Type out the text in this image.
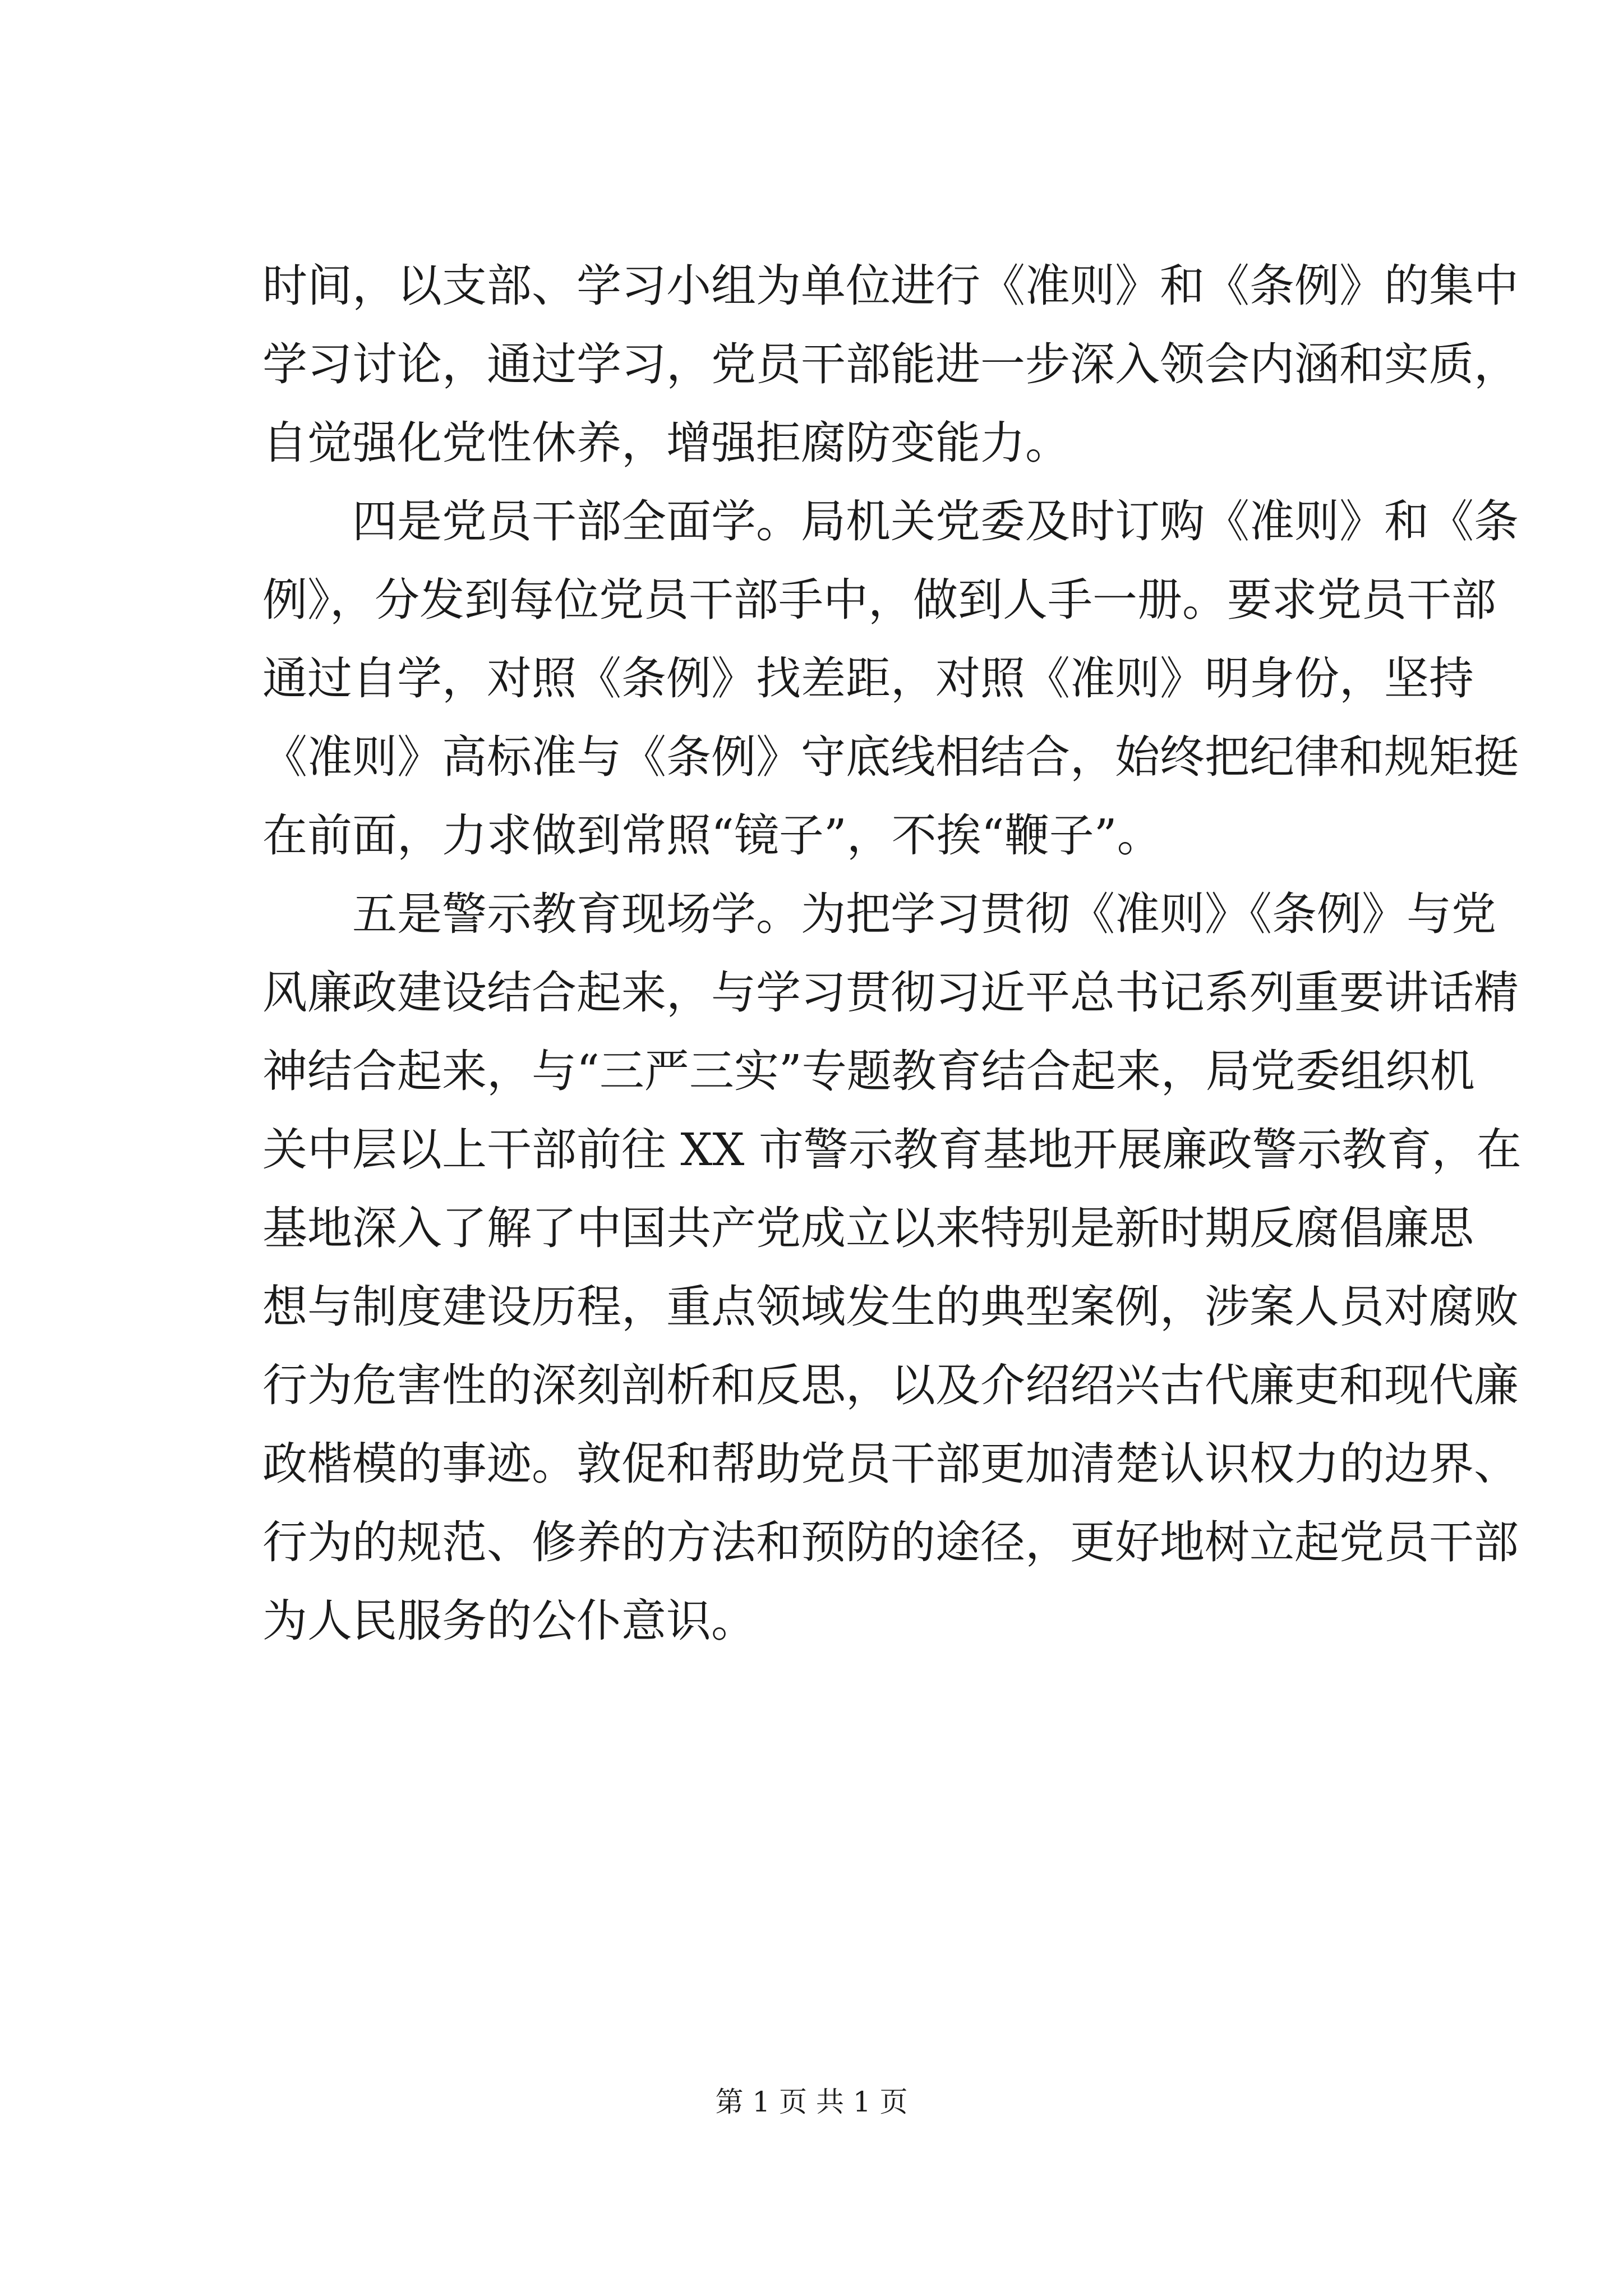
时间，以支部、学习小组为单位进行《准则》和《条例》的集中
学习讨论，通过学习，党员干部能进一步深入领会内涵和实质，
自觉强化党性休养，增强拒腐防变能力。
四是党员干部全面学。局机关党委及时订购《准则》和《条
例》，分发到每位党员干部手中，做到人手一册。要求党员干部
通过自学，对照《条例》找差距，对照《准则》明身份，坚持
《准则》高标准与《条例》守底线相结合，始终把纪律和规矩挺
在前面，力求做到常照“镜子”，不挨“鞭子”。
五是警示教育现场学。为把学习贯彻《准则》《条例》与党
风廉政建设结合起来，与学习贯彻习近平总书记系列重要讲话精
神结合起来，与“三严三实”专题教育结合起来，局党委组织机
关中层以上干部前往 XX 市警示教育基地开展廉政警示教育，在
基地深入了解了中国共产党成立以来特别是新时期反腐倡廉思
想与制度建设历程，重点领域发生的典型案例，涉案人员对腐败
行为危害性的深刻剖析和反思，以及介绍绍兴古代廉吏和现代廉
政楷模的事迹。敦促和帮助党员干部更加清楚认识权力的边界、
行为的规范、修养的方法和预防的途径，更好地树立起党员干部
为人民服务的公仆意识。
第 1 页 共 1 页
